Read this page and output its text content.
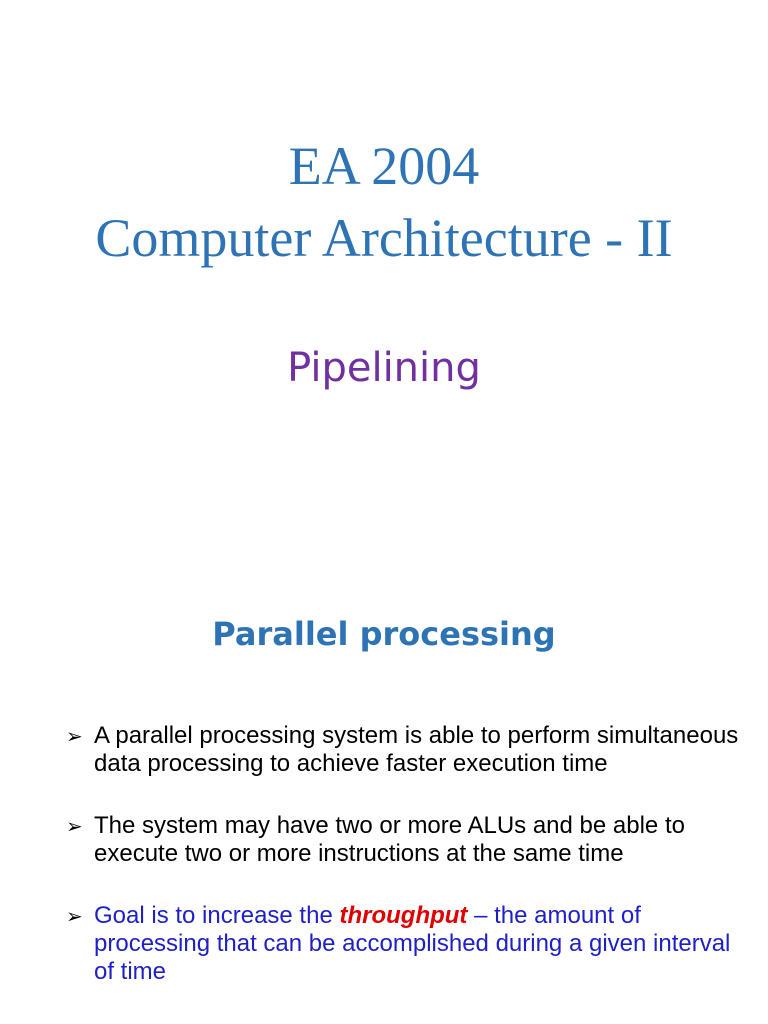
EA 2004
Computer Architecture - II
Pipelining
Parallel processing
➢ A parallel processing system is able to perform simultaneous data processing to achieve faster execution time
➢ The system may have two or more ALUs and be able to execute two or more instructions at the same time
➢ Goal is to increase the throughput – the amount of processing that can be accomplished during a given interval of time
